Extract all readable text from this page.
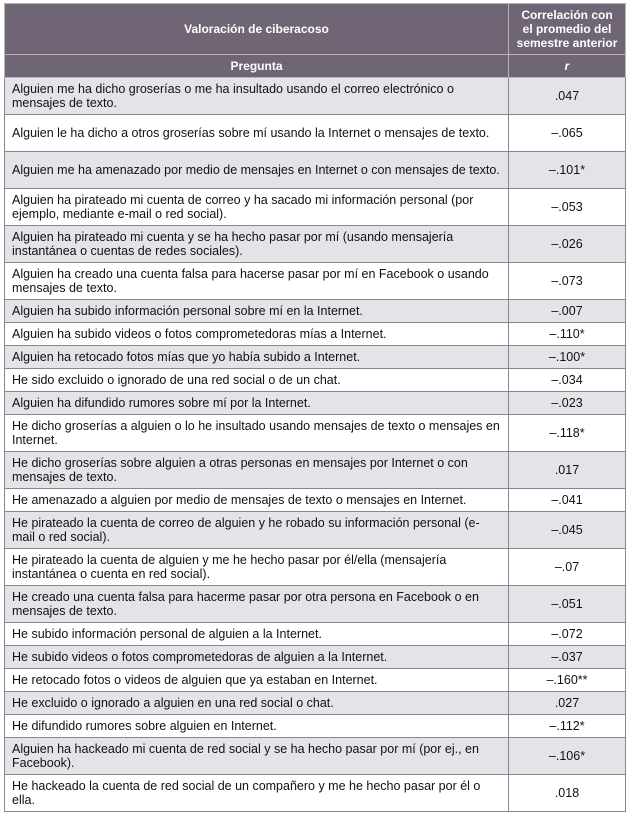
Valoración de ciberacoso	Correlación con
el promedio del
semestre anterior
Pregunta	r
Alguien me ha dicho groserías o me ha insultado usando el correo electrónico o mensajes de texto.	.047
Alguien le ha dicho a otros groserías sobre mí usando la Internet o mensajes de texto.	–.065
Alguien me ha amenazado por medio de mensajes en Internet o con mensajes de texto.	–.101*
Alguien ha pirateado mi cuenta de correo y ha sacado mi información personal (por ejemplo, mediante e-mail o red social).	–.053
Alguien ha pirateado mi cuenta y se ha hecho pasar por mí (usando mensajería instantánea o cuentas de redes sociales).	–.026
Alguien ha creado una cuenta falsa para hacerse pasar por mí en Facebook o usando mensajes de texto.	–.073
Alguien ha subido información personal sobre mí en la Internet.	–.007
Alguien ha subido videos o fotos comprometedoras mías a Internet.	–.110*
Alguien ha retocado fotos mías que yo había subido a Internet.	–.100*
He sido excluido o ignorado de una red social o de un chat.	–.034
Alguien ha difundido rumores sobre mí por la Internet.	–.023
He dicho groserías a alguien o lo he insultado usando mensajes de texto o mensajes en Internet.	–.118*
He dicho groserías sobre alguien a otras personas en mensajes por Internet o con mensajes de texto.	.017
He amenazado a alguien por medio de mensajes de texto o mensajes en Internet.	–.041
He pirateado la cuenta de correo de alguien y he robado su información personal (e-mail o red social).	–.045
He pirateado la cuenta de alguien y me he hecho pasar por él/ella (mensajería instantánea o cuenta en red social).	–.07
He creado una cuenta falsa para hacerme pasar por otra persona en Facebook o en mensajes de texto.	–.051
He subido información personal de alguien a la Internet.	–.072
He subido videos o fotos comprometedoras de alguien a la Internet.	–.037
He retocado fotos o videos de alguien que ya estaban en Internet.	–.160**
He excluido o ignorado a alguien en una red social o chat.	.027
He difundido rumores sobre alguien en Internet.	–.112*
Alguien ha hackeado mi cuenta de red social y se ha hecho pasar por mí (por ej., en Facebook).	–.106*
He hackeado la cuenta de red social de un compañero y me he hecho pasar por él o ella.	.018
